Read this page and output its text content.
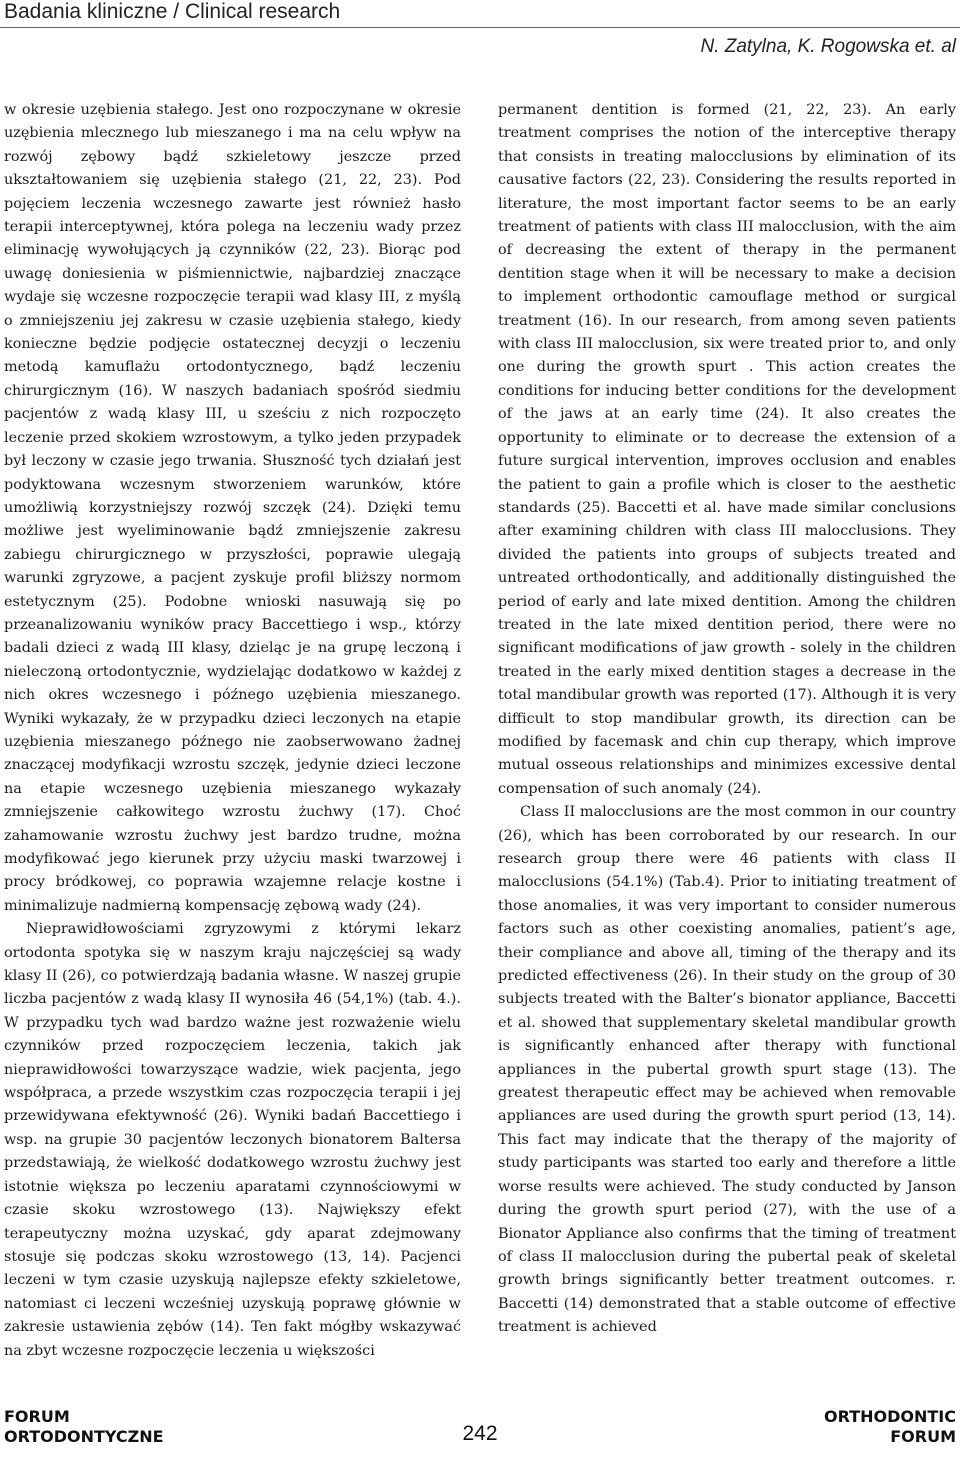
Badania kliniczne / Clinical research
N. Zatylna, K. Rogowska et. al

w okresie uzębienia stałego. Jest ono rozpoczynane w okresie uzębienia mlecznego lub mieszanego i ma na celu wpływ na rozwój zębowy bądź szkieletowy jeszcze przed ukształtowaniem się uzębienia stałego (21, 22, 23). Pod pojęciem leczenia wczesnego zawarte jest również hasło terapii interceptywnej, która polega na leczeniu wady przez eliminację wywołujących ją czynników (22, 23). Biorąc pod uwagę doniesienia w piśmiennictwie, najbardziej znaczące wydaje się wczesne rozpoczęcie terapii wad klasy III, z myślą o zmniejszeniu jej zakresu w czasie uzębienia stałego, kiedy konieczne będzie podjęcie ostatecznej decyzji o leczeniu metodą kamuflażu ortodontycznego, bądź leczeniu chirurgicznym (16). W naszych badaniach spośród siedmiu pacjentów z wadą klasy III, u sześciu z nich rozpoczęto leczenie przed skokiem wzrostowym, a tylko jeden przypadek był leczony w czasie jego trwania. Słuszność tych działań jest podyktowana wczesnym stworzeniem warunków, które umożliwią korzystniejszy rozwój szczęk (24). Dzięki temu możliwe jest wyeliminowanie bądź zmniejszenie zakresu zabiegu chirurgicznego w przyszłości, poprawie ulegają warunki zgryzowe, a pacjent zyskuje profil bliższy normom estetycznym (25). Podobne wnioski nasuwają się po przeanalizowaniu wyników pracy Baccettiego i wsp., którzy badali dzieci z wadą III klasy, dzieląc je na grupę leczoną i nieleczoną ortodontycznie, wydzielając dodatkowo w każdej z nich okres wczesnego i późnego uzębienia mieszanego. Wyniki wykazały, że w przypadku dzieci leczonych na etapie uzębienia mieszanego późnego nie zaobserwowano żadnej znaczącej modyfikacji wzrostu szczęk, jedynie dzieci leczone na etapie wczesnego uzębienia mieszanego wykazały zmniejszenie całkowitego wzrostu żuchwy (17). Choć zahamowanie wzrostu żuchwy jest bardzo trudne, można modyfikować jego kierunek przy użyciu maski twarzowej i procy bródkowej, co poprawia wzajemne relacje kostne i minimalizuje nadmierną kompensację zębową wady (24).

Nieprawidłowościami zgryzowymi z którymi lekarz ortodonta spotyka się w naszym kraju najczęściej są wady klasy II (26), co potwierdzają badania własne. W naszej grupie liczba pacjentów z wadą klasy II wynosiła 46 (54,1%) (tab. 4.). W przypadku tych wad bardzo ważne jest rozważenie wielu czynników przed rozpoczęciem leczenia, takich jak nieprawidłowości towarzyszące wadzie, wiek pacjenta, jego współpraca, a przede wszystkim czas rozpoczęcia terapii i jej przewidywana efektywność (26). Wyniki badań Baccettiego i wsp. na grupie 30 pacjentów leczonych bionatorem Baltersa przedstawiają, że wielkość dodatkowego wzrostu żuchwy jest istotnie większa po leczeniu aparatami czynnościowymi w czasie skoku wzrostowego (13). Największy efekt terapeutyczny można uzyskać, gdy aparat zdejmowany stosuje się podczas skoku wzrostowego (13, 14). Pacjenci leczeni w tym czasie uzyskują najlepsze efekty szkieletowe, natomiast ci leczeni wcześniej uzyskują poprawę głównie w zakresie ustawienia zębów (14). Ten fakt mógłby wskazywać na zbyt wczesne rozpoczęcie leczenia u większości

permanent dentition is formed (21, 22, 23). An early treatment comprises the notion of the interceptive therapy that consists in treating malocclusions by elimination of its causative factors (22, 23). Considering the results reported in literature, the most important factor seems to be an early treatment of patients with class III malocclusion, with the aim of decreasing the extent of therapy in the permanent dentition stage when it will be necessary to make a decision to implement orthodontic camouflage method or surgical treatment (16). In our research, from among seven patients with class III malocclusion, six were treated prior to, and only one during the growth spurt . This action creates the conditions for inducing better conditions for the development of the jaws at an early time (24). It also creates the opportunity to eliminate or to decrease the extension of a future surgical intervention, improves occlusion and enables the patient to gain a profile which is closer to the aesthetic standards (25). Baccetti et al. have made similar conclusions after examining children with class III malocclusions. They divided the patients into groups of subjects treated and untreated orthodontically, and additionally distinguished the period of early and late mixed dentition. Among the children treated in the late mixed dentition period, there were no significant modifications of jaw growth - solely in the children treated in the early mixed dentition stages a decrease in the total mandibular growth was reported (17). Although it is very difficult to stop mandibular growth, its direction can be modified by facemask and chin cup therapy, which improve mutual osseous relationships and minimizes excessive dental compensation of such anomaly (24).

Class II malocclusions are the most common in our country (26), which has been corroborated by our research. In our research group there were 46 patients with class II malocclusions (54.1%) (Tab.4). Prior to initiating treatment of those anomalies, it was very important to consider numerous factors such as other coexisting anomalies, patient’s age, their compliance and above all, timing of the therapy and its predicted effectiveness (26). In their study on the group of 30 subjects treated with the Balter’s bionator appliance, Baccetti et al. showed that supplementary skeletal mandibular growth is significantly enhanced after therapy with functional appliances in the pubertal growth spurt stage (13). The greatest therapeutic effect may be achieved when removable appliances are used during the growth spurt period (13, 14). This fact may indicate that the therapy of the majority of study participants was started too early and therefore a little worse results were achieved. The study conducted by Janson during the growth spurt period (27), with the use of a Bionator Appliance also confirms that the timing of treatment of class II malocclusion during the pubertal peak of skeletal growth brings significantly better treatment outcomes. r. Baccetti (14) demonstrated that a stable outcome of effective treatment is achieved

FORUM
ORTODONTYCZNE	242
ORTHODONTIC
FORUM
